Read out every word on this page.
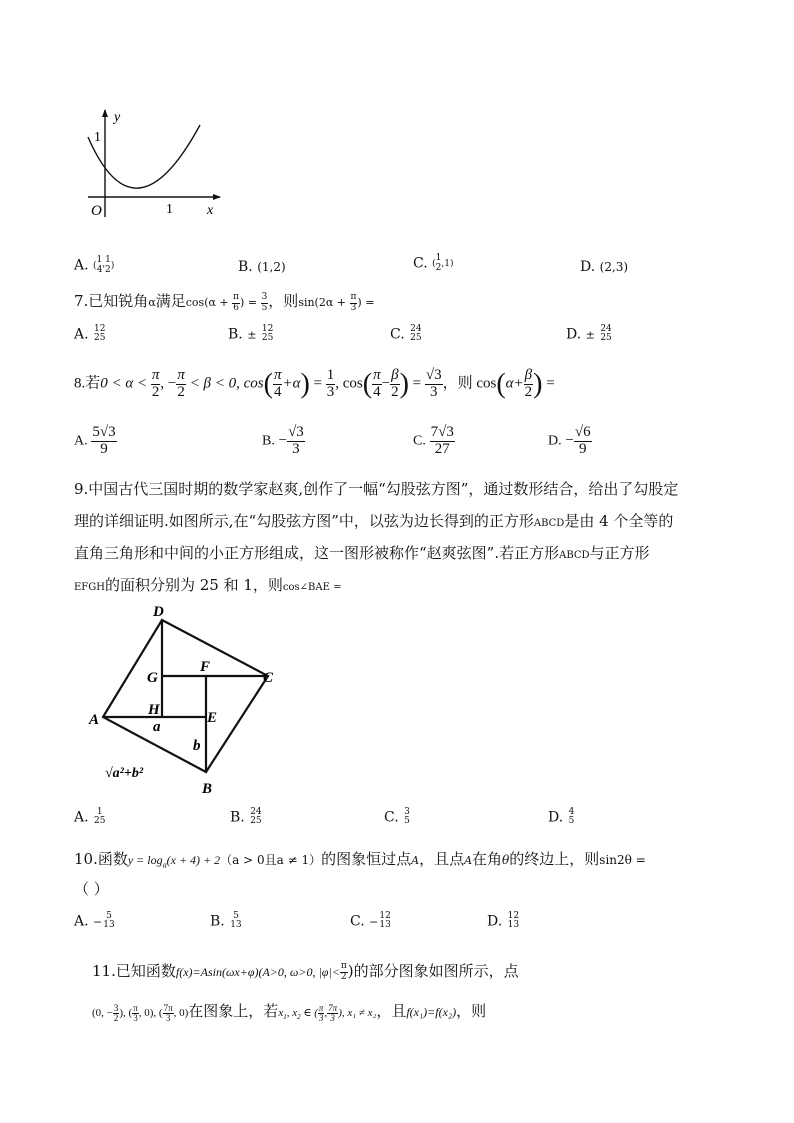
y
x
O
1
1
A. (
1 1
4'2 )	B. (1,2)	C. (
1
2 ,1)	D. (2,3)
7.已知锐角α满足$\cos(\alpha + \frac{\pi}{6}$ ) = $\frac{3}{5}$ ，则$\sin(2\alpha + \frac{\pi}{3}$ ) =
A. 12
25	B. ± 12
25	C. 24
25	D. ± 24
25
8.若$0 < \alpha < \frac{\pi}{2}$ , − $\frac{\pi}{2} < \beta < 0$, $\cos( \frac{\pi}{4} +\alpha) = \frac{1}{3}$ , $\cos( \frac{\pi}{4} - \frac{\beta}{2}$ ) = $\frac{√3}{3}$ ，则 $\cos(\alpha+ \frac{\beta}{2}$ ) =
A. $\frac{5√3}{9}$	B. − $\frac{√3}{3}$	C. $\frac{7√3}{27}$	D. − $\frac{√6}{9}$
9.中国古代三国时期的数学家赵爽,创作了一幅“勾股弦方图”，通过数形结合，给出了勾股定
理的详细证明.如图所示,在“勾股弦方图”中，以弦为边长得到的正方形ABCD是由 4 个全等的
直角三角形和中间的小正方形组成，这一图形被称作“赵爽弦图”.若正方形ABCD与正方形
EFGH的面积分别为 25 和 1，则cos∠BAE =
D
G
F
C
H	E
A	a
b
B
√a²+b²
A. 1
25	B. 24
25	C. 3
5	D. 4
5
10.函数$y = \log_a(x + 4) + 2(a > 0$且a ≠ 1）的图象恒过点A，且点A在角θ的终边上，则sin2θ =
（ ）
A. − 5
13	B. 5
13	C. − 12
13	D. 12
13
11.已知函数f(x)=Asin(ωx+φ)(A>0, ω>0, $|\varphi|< \frac{\pi}{2}$ )的部分图象如图所示，点
(0, − $\frac{3}{2}$ ), ( $\frac{\pi}{3}$ , 0), ( $\frac{7\pi}{3}$ , 0)在图象上，若$x_1$, $x_2$ ∈ ( $\frac{\pi}{3}$ , $\frac{7\pi}{3}$ ), x₁ ≠ x₂，且f(x₁)=f(x₂)，则
